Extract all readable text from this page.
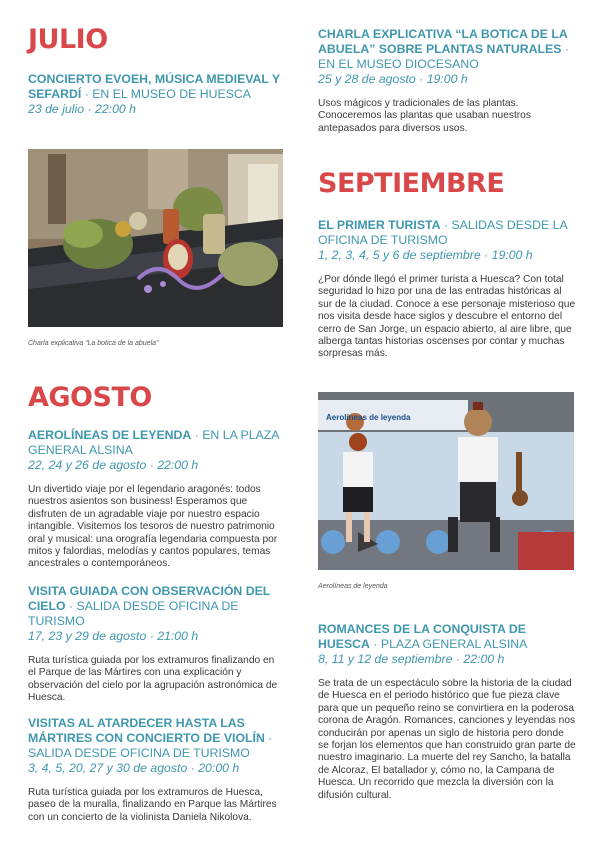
JULIO

CONCIERTO EVOEH, MÚSICA MEDIEVAL Y SEFARDÍ · EN EL MUSEO DE HUESCA

23 de julio · 22:00 h

Charla explicativa “La botica de la abuela”

AGOSTO

AEROLÍNEAS DE LEYENDA · EN LA PLAZA GENERAL ALSINA

22, 24 y 26 de agosto · 22:00 h

Un divertido viaje por el legendario aragonés: todos nuestros asientos son business! Esperamos que disfruten de un agradable viaje por nuestro espacio intangible. Visitemos los tesoros de nuestro patrimonio oral y musical: una orografía legendaria compuesta por mitos y falordias, melodías y cantos populares, temas ancestrales o contemporáneos.

VISITA GUIADA CON OBSERVACIÓN DEL CIELO · SALIDA DESDE OFICINA DE TURISMO

17, 23 y 29 de agosto · 21:00 h

Ruta turística guiada por los extramuros finalizando en el Parque de las Mártires con una explicación y observación del cielo por la agrupación astronómica de Huesca.

VISITAS AL ATARDECER HASTA LAS MÁRTIRES CON CONCIERTO DE VIOLÍN · SALIDA DESDE OFICINA DE TURISMO

3, 4, 5, 20, 27 y 30 de agosto · 20:00 h

Ruta turística guiada por los extramuros de Huesca, paseo de la muralla, finalizando en Parque las Mártires con un concierto de la violinista Daniela Nikolova.

CHARLA EXPLICATIVA “LA BOTICA DE LA ABUELA” SOBRE PLANTAS NATURALES · EN EL MUSEO DIOCESANO

25 y 28 de agosto · 19:00 h

Usos mágicos y tradicionales de las plantas. Conoceremos las plantas que usaban nuestros antepasados para diversos usos.

SEPTIEMBRE

EL PRIMER TURISTA · SALIDAS DESDE LA OFICINA DE TURISMO

1, 2, 3, 4, 5 y 6 de septiembre · 19:00 h

¿Por dónde llegó el primer turista a Huesca? Con total seguridad lo hizo por una de las entradas históricas al sur de la ciudad. Conoce a ese personaje misterioso que nos visita desde hace siglos y descubre el entorno del cerro de San Jorge, un espacio abierto, al aire libre, que alberga tantas historias oscenses por contar y muchas sorpresas más.

Aerolíneas de leyenda

Aerolíneas de leyenda

ROMANCES DE LA CONQUISTA DE HUESCA · PLAZA GENERAL ALSINA

8, 11 y 12 de septiembre · 22:00 h

Se trata de un espectáculo sobre la historia de la ciudad de Huesca en el periodo histórico que fue pieza clave para que un pequeño reino se convirtiera en la poderosa corona de Aragón. Romances, canciones y leyendas nos conducirán por apenas un siglo de historia pero donde se forjan los elementos que han construido gran parte de nuestro imaginario. La muerte del rey Sancho, la batalla de Alcoraz, El batallador y, cómo no, la Campana de Huesca. Un recorrido que mezcla la diversión con la difusión cultural.
